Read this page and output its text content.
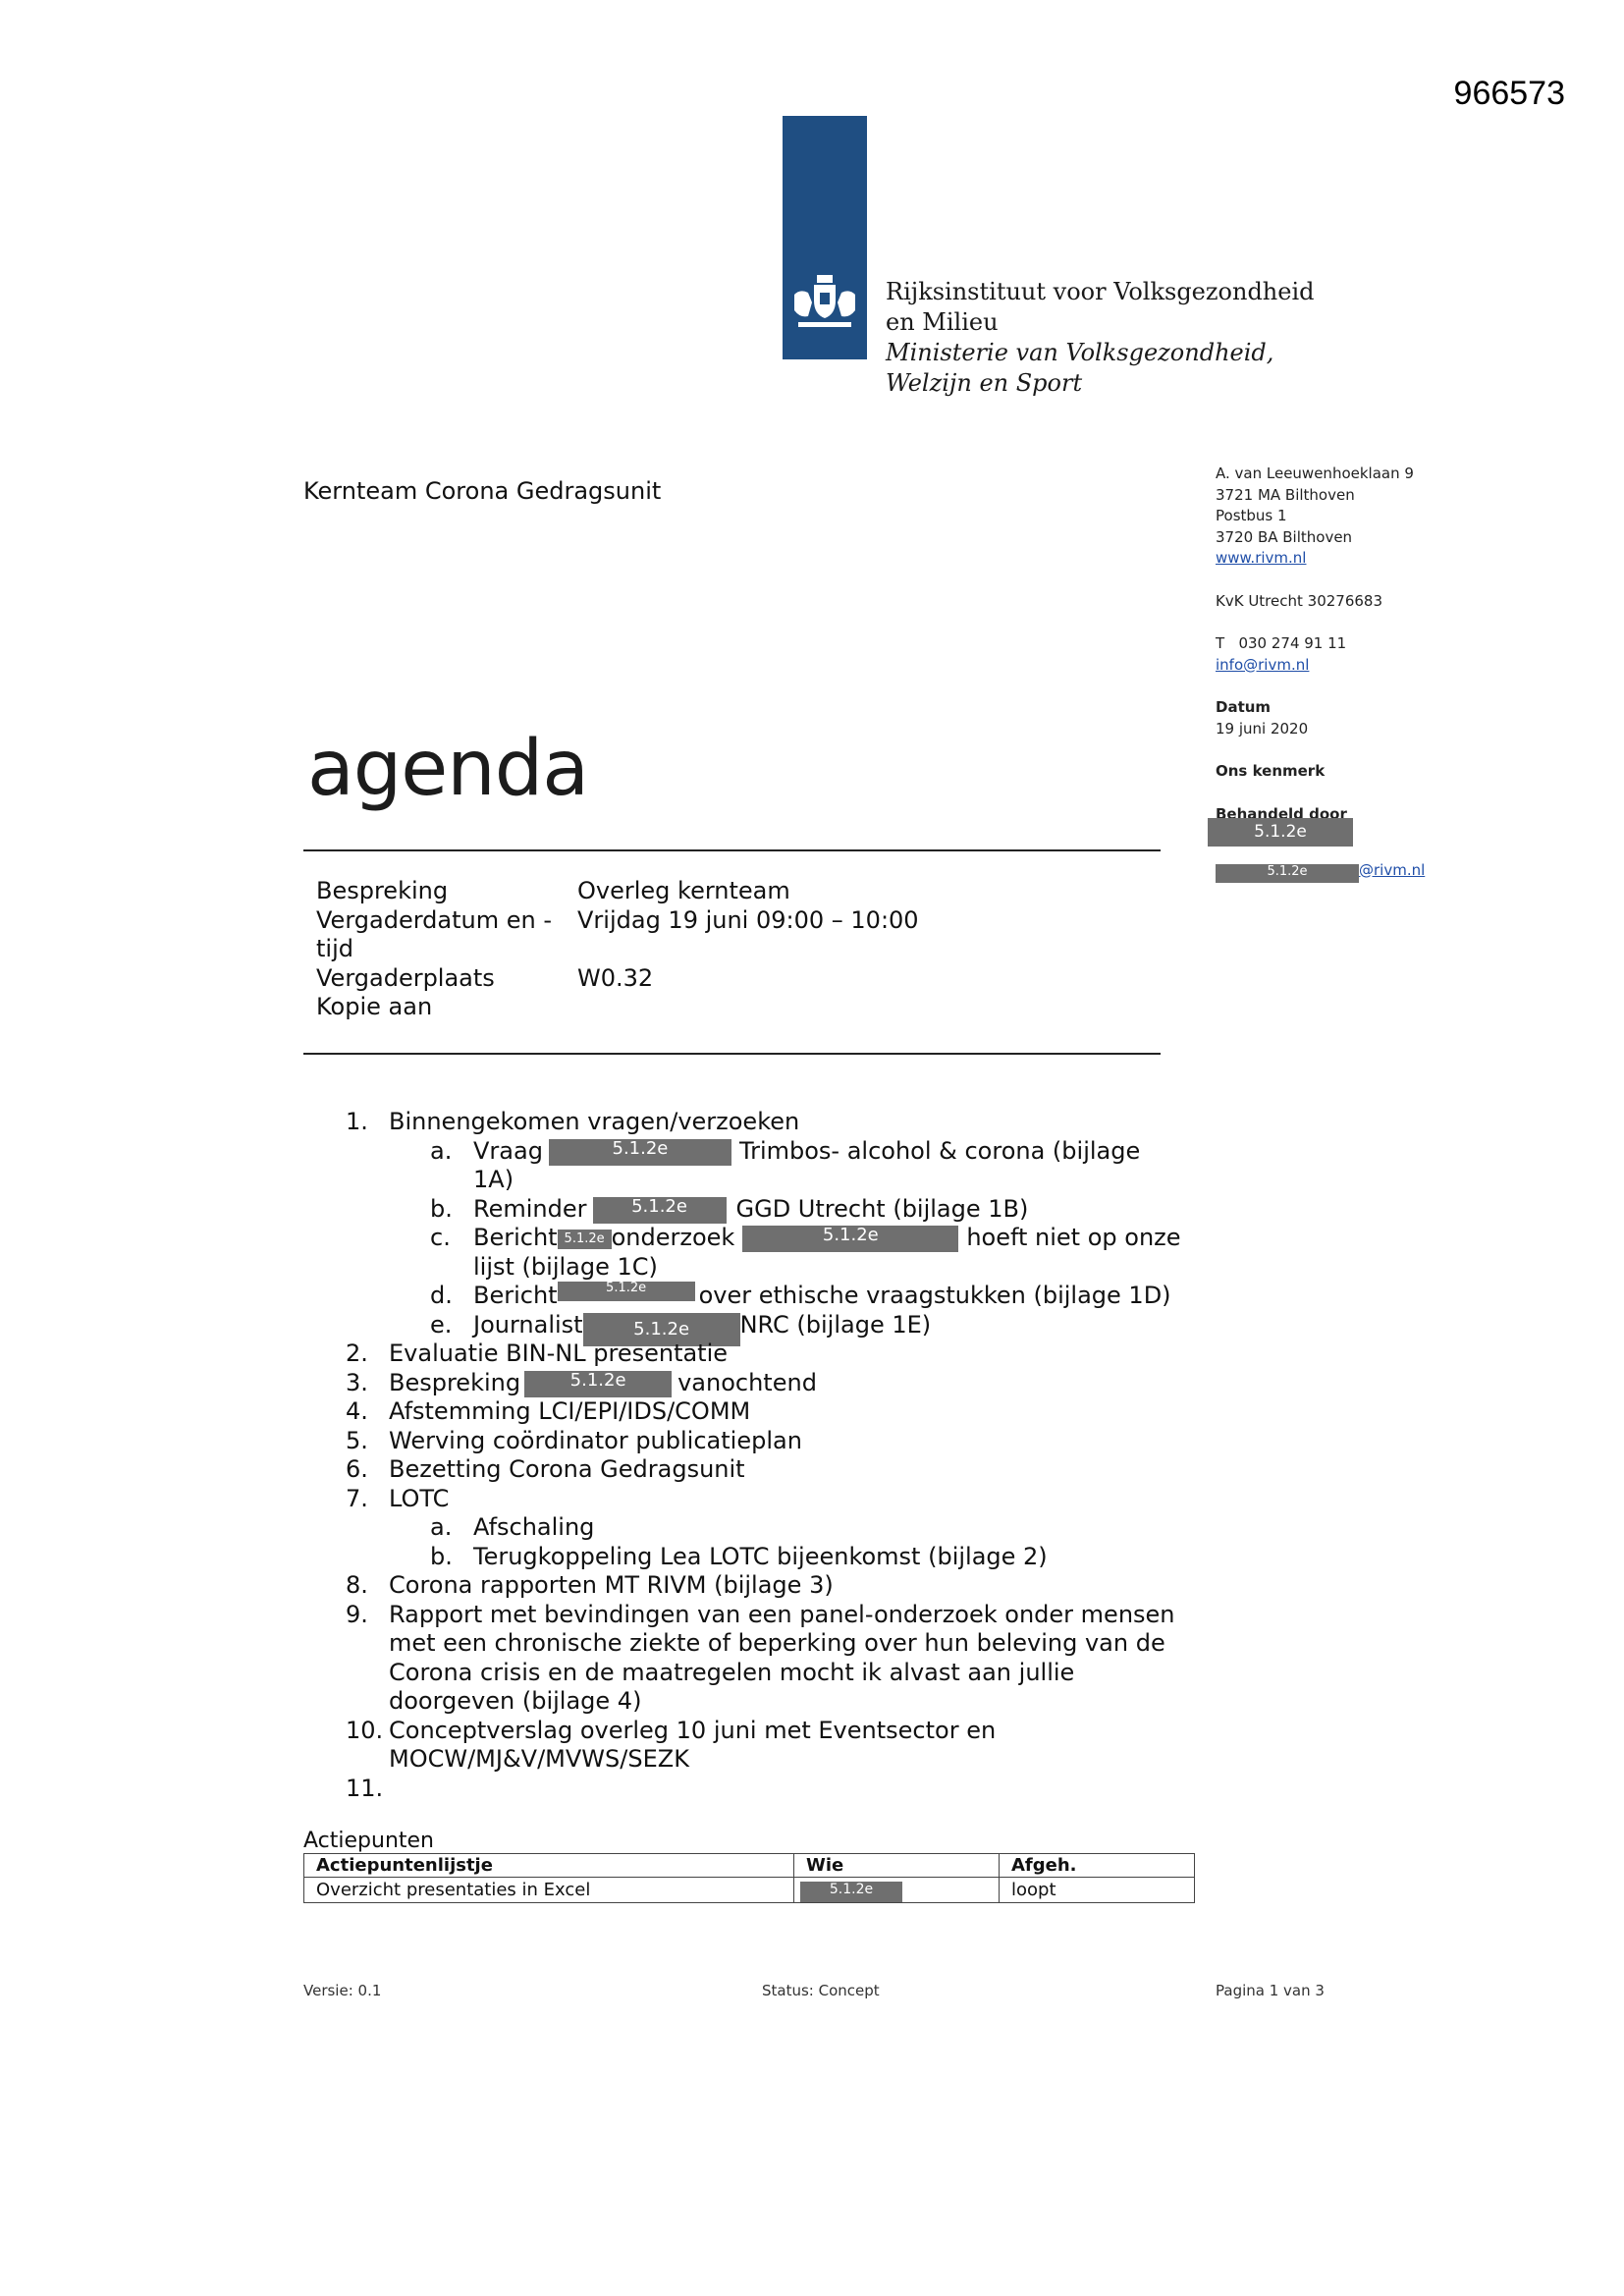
966573
Rijksinstituut voor Volksgezondheid
en Milieu
Ministerie van Volksgezondheid,
Welzijn en Sport
Kernteam Corona Gedragsunit
A. van Leeuwenhoeklaan 9
3721 MA Bilthoven
Postbus 1
3720 BA Bilthoven
www.rivm.nl
KvK Utrecht 30276683
T   030 274 91 11
info@rivm.nl
Datum
19 juni 2020
Ons kenmerk
Behandeld door
5.1.2e
5.1.2e	@rivm.nl
agenda
Bespreking	Overleg kernteam
Vergaderdatum en -	Vrijdag 19 juni 09:00 – 10:00
tijd	
Vergaderplaats	W0.32
Kopie aan	
1. Binnengekomen vragen/verzoeken
a. Vraag	5.1.2e	Trimbos- alcohol & corona (bijlage
1A)
b. Reminder	5.1.2e GGD Utrecht (bijlage 1B)
c. Bericht 5.1.2e onderzoek	5.1.2e	hoeft niet op onze
lijst (bijlage 1C)
d. Bericht	5.1.2e over ethische vraagstukken (bijlage 1D)
e. Journalist	5.1.2e NRC (bijlage 1E)
2. Evaluatie BIN-NL presentatie
3. Bespreking	5.1.2e vanochtend
4. Afstemming LCI/EPI/IDS/COMM
5. Werving coördinator publicatieplan
6. Bezetting Corona Gedragsunit
7. LOTC
a. Afschaling
b. Terugkoppeling Lea LOTC bijeenkomst (bijlage 2)
8. Corona rapporten MT RIVM (bijlage 3)
9. Rapport met bevindingen van een panel-onderzoek onder mensen
met een chronische ziekte of beperking over hun beleving van de
Corona crisis en de maatregelen mocht ik alvast aan jullie
doorgeven (bijlage 4)
10. Conceptverslag overleg 10 juni met Eventsector en
MOCW/MJ&V/MVWS/SEZK
11.
Actiepunten
Actiepuntenlijstje	Wie	Afgeh.
Overzicht presentaties in Excel	5.1.2e	loopt
Versie: 0.1	Status: Concept	Pagina 1 van 3
